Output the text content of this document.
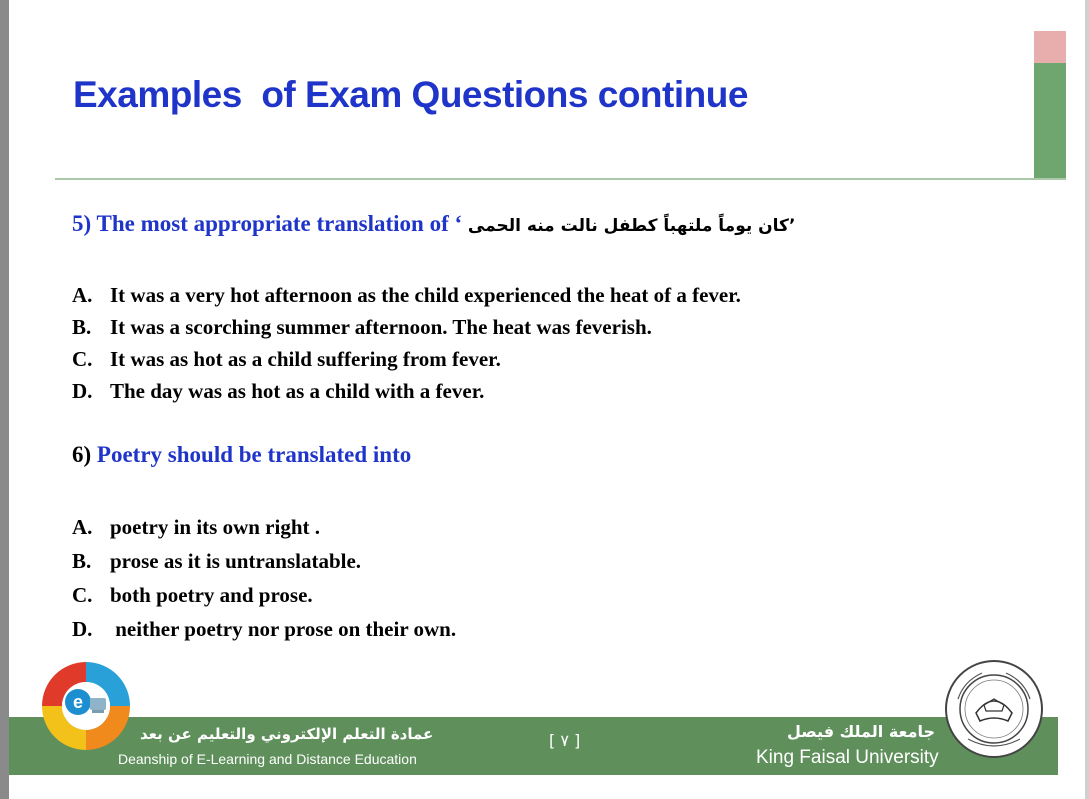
Examples  of Exam Questions continue
5) The most appropriate translation of ‘ كان يوماً ملتهباً كطفل نالت منه الحمى’
A. It was a very hot afternoon as the child experienced the heat of a fever.
B. It was a scorching summer afternoon. The heat was feverish.
C. It was as hot as a child suffering from fever.
D. The day was as hot as a child with a fever.
6) Poetry should be translated into
A. poetry in its own right .
B. prose as it is untranslatable.
C. both poetry and prose.
D. neither poetry nor prose on their own.
عمادة التعلم الإلكتروني والتعليم عن بعد
Deanship of E-Learning and Distance Education
[ ٧ ]	جامعة الملك فيصل
King Faisal University
e
